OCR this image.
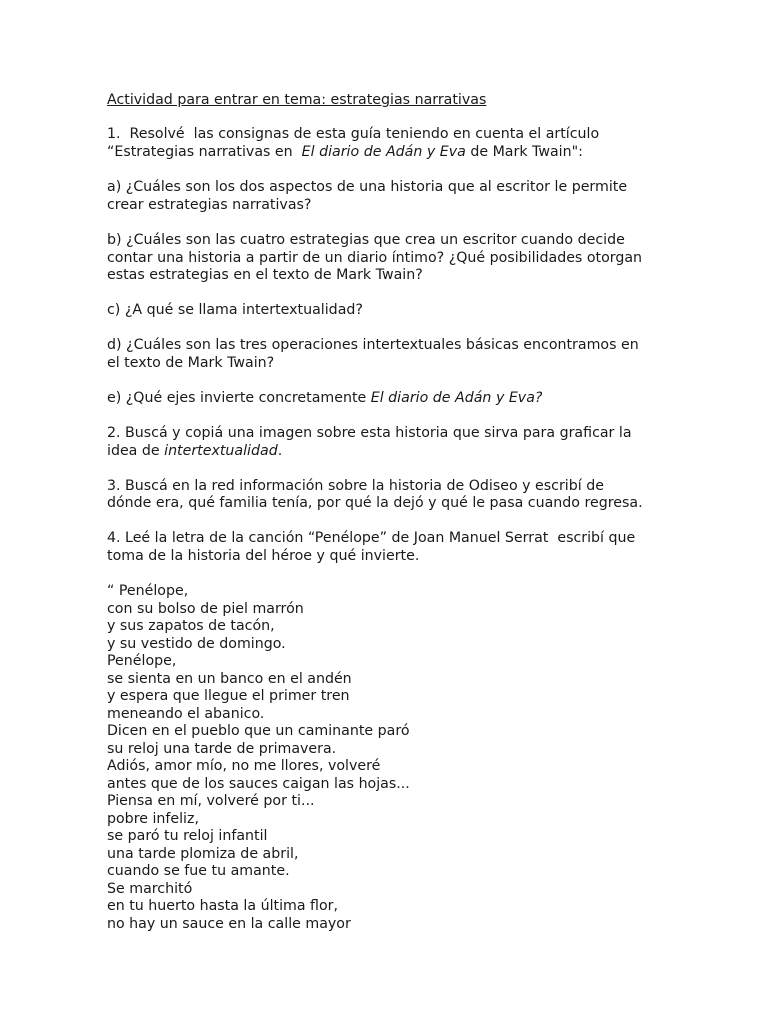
Actividad para entrar en tema: estrategias narrativas

1.  Resolvé  las consignas de esta guía teniendo en cuenta el artículo

“Estrategias narrativas en  El diario de Adán y Eva de Mark Twain":

a) ¿Cuáles son los dos aspectos de una historia que al escritor le permite

crear estrategias narrativas?

b) ¿Cuáles son las cuatro estrategias que crea un escritor cuando decide

contar una historia a partir de un diario íntimo? ¿Qué posibilidades otorgan

estas estrategias en el texto de Mark Twain?

c) ¿A qué se llama intertextualidad?

d) ¿Cuáles son las tres operaciones intertextuales básicas encontramos en

el texto de Mark Twain?

e) ¿Qué ejes invierte concretamente El diario de Adán y Eva?

2. Buscá y copiá una imagen sobre esta historia que sirva para graficar la

idea de intertextualidad.

3. Buscá en la red información sobre la historia de Odiseo y escribí de

dónde era, qué familia tenía, por qué la dejó y qué le pasa cuando regresa.

4. Leé la letra de la canción “Penélope” de Joan Manuel Serrat  escribí que

toma de la historia del héroe y qué invierte.

“ Penélope,

con su bolso de piel marrón

y sus zapatos de tacón,

y su vestido de domingo.

Penélope,

se sienta en un banco en el andén

y espera que llegue el primer tren

meneando el abanico.

Dicen en el pueblo que un caminante paró

su reloj una tarde de primavera.

Adiós, amor mío, no me llores, volveré

antes que de los sauces caigan las hojas...

Piensa en mí, volveré por ti...

pobre infeliz,

se paró tu reloj infantil

una tarde plomiza de abril,

cuando se fue tu amante.

Se marchitó

en tu huerto hasta la última flor,

no hay un sauce en la calle mayor
